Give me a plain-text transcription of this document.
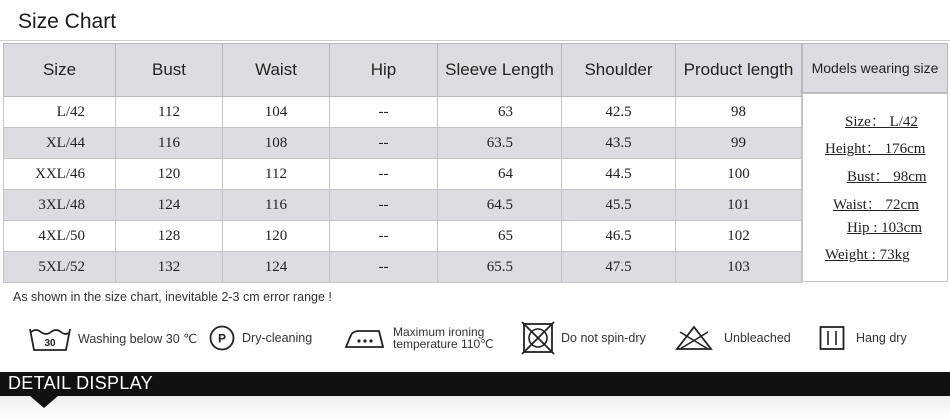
Size Chart
Size	Bust	Waist	Hip	Sleeve Length	Shoulder	Product length
L/42	112	104	--	63	42.5	98
XL/44	116	108	--	63.5	43.5	99
XXL/46	120	112	--	64	44.5	100
3XL/48	124	116	--	64.5	45.5	101
4XL/50	128	120	--	65	46.5	102
5XL/52	132	124	--	65.5	47.5	103
Models wearing size
Size： L/42
Height： 176cm
Bust： 98cm
Waist： 72cm
Hip : 103cm
Weight : 73kg
As shown in the size chart, inevitable 2-3 cm error range !
30 Washing below 30 ℃ P Dry-cleaning	Maximum ironing
temperature 110℃	Do not spin-dry	Unbleached	Hang dry
DETAIL DISPLAY
